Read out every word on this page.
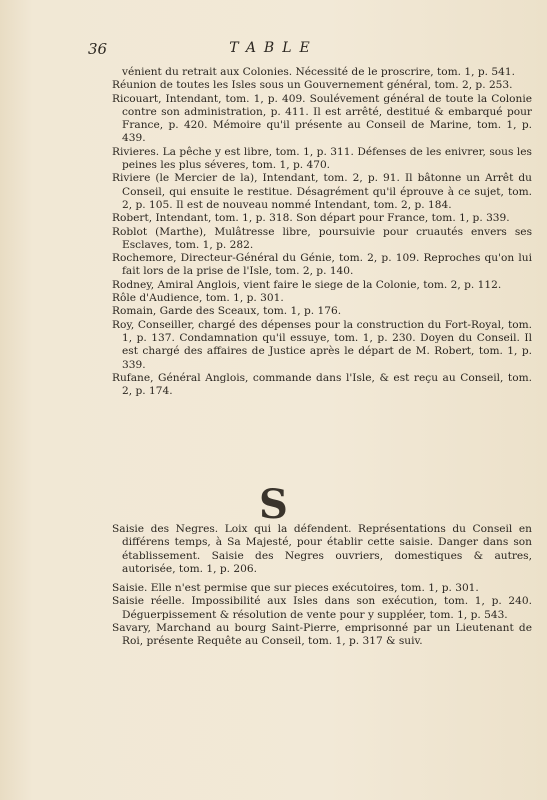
36	TABLE

vénient du retrait aux Colonies. Nécessité de le proscrire, tom. 1, p. 541.

Réunion de toutes les Isles sous un Gouvernement général, tom. 2, p. 253.

Ricouart, Intendant, tom. 1, p. 409. Soulévement général de toute la Colonie contre son administration, p. 411. Il est arrêté, destitué & embarqué pour France, p. 420. Mémoire qu'il présente au Conseil de Marine, tom. 1, p. 439.

Rivieres. La pêche y est libre, tom. 1, p. 311. Défenses de les enivrer, sous les peines les plus séveres, tom. 1, p. 470.

Riviere (le Mercier de la), Intendant, tom. 2, p. 91. Il bâtonne un Arrêt du Conseil, qui ensuite le restitue. Désagrément qu'il éprouve à ce sujet, tom. 2, p. 105. Il est de nouveau nommé Intendant, tom. 2, p. 184.

Robert, Intendant, tom. 1, p. 318. Son départ pour France, tom. 1, p. 339.

Roblot (Marthe), Mulâtresse libre, poursuivie pour cruautés envers ses Esclaves, tom. 1, p. 282.

Rochemore, Directeur-Général du Génie, tom. 2, p. 109. Reproches qu'on lui fait lors de la prise de l'Isle, tom. 2, p. 140.

Rodney, Amiral Anglois, vient faire le siege de la Colonie, tom. 2, p. 112.

Rôle d'Audience, tom. 1, p. 301.

Romain, Garde des Sceaux, tom. 1, p. 176.

Roy, Conseiller, chargé des dépenses pour la construction du Fort-Royal, tom. 1, p. 137. Condamnation qu'il essuye, tom. 1, p. 230. Doyen du Conseil. Il est chargé des affaires de Justice après le départ de M. Robert, tom. 1, p. 339.

Rufane, Général Anglois, commande dans l'Isle, & est reçu au Conseil, tom. 2, p. 174.

S

Saisie des Negres. Loix qui la défendent. Représentations du Conseil en différens temps, à Sa Majesté, pour établir cette saisie. Danger dans son établissement. Saisie des Negres ouvriers, domestiques & autres, autorisée, tom. 1, p. 206.

Saisie. Elle n'est permise que sur pieces exécutoires, tom. 1, p. 301.

Saisie réelle. Impossibilité aux Isles dans son exécution, tom. 1, p. 240. Déguerpissement & résolution de vente pour y suppléer, tom. 1, p. 543.

Savary, Marchand au bourg Saint-Pierre, emprisonné par un Lieutenant de Roi, présente Requête au Conseil, tom. 1, p. 317 & suiv.
